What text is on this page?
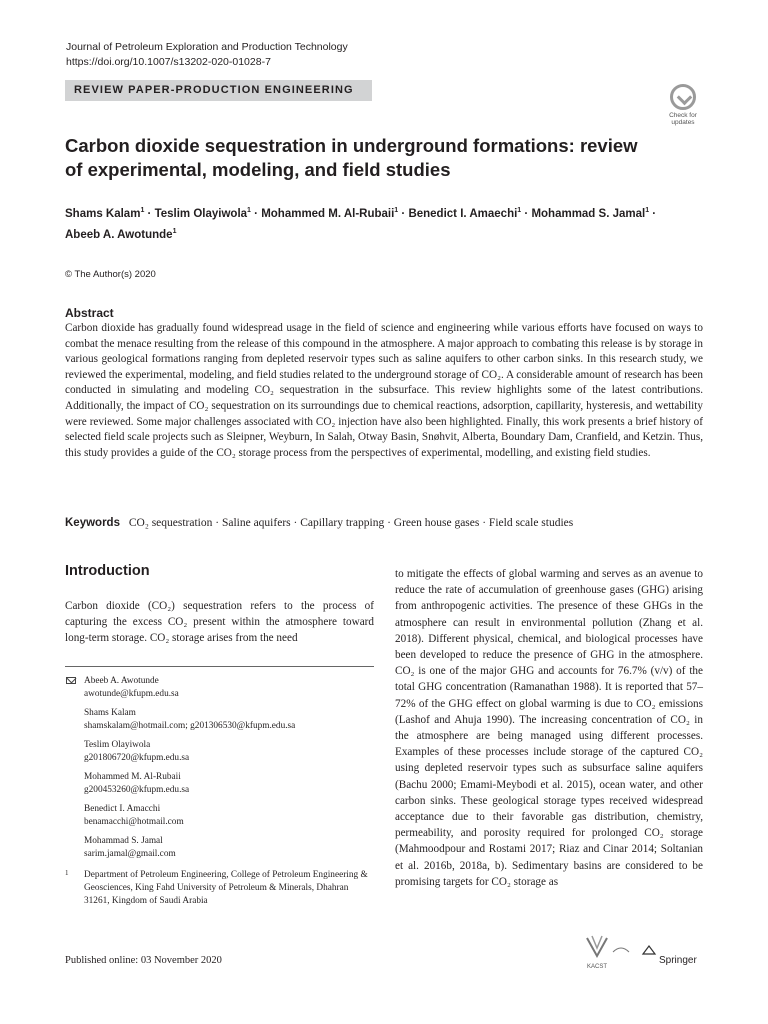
Journal of Petroleum Exploration and Production Technology
https://doi.org/10.1007/s13202-020-01028-7
REVIEW PAPER-PRODUCTION ENGINEERING
Check for
updates
Carbon dioxide sequestration in underground formations: review
of experimental, modeling, and field studies
Shams Kalam$^1$ · Teslim Olayiwola$^1$ · Mohammed M. Al-Rubaii$^1$ · Benedict I. Amaechi$^1$ · Mohammad S. Jamal$^1$ ·
Abeeb A. Awotunde$^1$
© The Author(s) 2020
Abstract
Carbon dioxide has gradually found widespread usage in the field of science and engineering while various efforts have focused on ways to combat the menace resulting from the release of this compound in the atmosphere. A major approach to combating this release is by storage in various geological formations ranging from depleted reservoir types such as saline aquifers to other carbon sinks. In this research study, we reviewed the experimental, modeling, and field studies related to the underground storage of CO₂. A considerable amount of research has been conducted in simulating and modeling CO₂ sequestration in the subsurface. This review highlights some of the latest contributions. Additionally, the impact of CO₂ sequestration on its surroundings due to chemical reactions, adsorption, capillarity, hysteresis, and wettability were reviewed. Some major challenges associated with CO₂ injection have also been highlighted. Finally, this work presents a brief history of selected field scale projects such as Sleipner, Weyburn, In Salah, Otway Basin, Snøhvit, Alberta, Boundary Dam, Cranfield, and Ketzin. Thus, this study provides a guide of the CO₂ storage process from the perspectives of experimental, modelling, and existing field studies.
Keywords CO₂ sequestration · Saline aquifers · Capillary trapping · Green house gases · Field scale studies
Introduction
Carbon dioxide (CO₂) sequestration refers to the process of capturing the excess CO₂ present within the atmosphere toward long-term storage. CO₂ storage arises from the need
Abeeb A. Awotunde
awotunde@kfupm.edu.sa
Shams Kalam
shamskalam@hotmail.com; g201306530@kfupm.edu.sa
Teslim Olayiwola
g201806720@kfupm.edu.sa
Mohammed M. Al-Rubaii
g200453260@kfupm.edu.sa
Benedict I. Amacchi
benamacchi@hotmail.com
Mohammad S. Jamal
sarim.jamal@gmail.com
1 Department of Petroleum Engineering, College of Petroleum Engineering & Geosciences, King Fahd University of Petroleum & Minerals, Dhahran 31261, Kingdom of Saudi Arabia
to mitigate the effects of global warming and serves as an avenue to reduce the rate of accumulation of greenhouse gases (GHG) arising from anthropogenic activities. The presence of these GHGs in the atmosphere can result in environmental pollution (Zhang et al. 2018). Different physical, chemical, and biological processes have been developed to reduce the presence of GHG in the atmosphere. CO₂ is one of the major GHG and accounts for 76.7% (v/v) of the total GHG concentration (Ramanathan 1988). It is reported that 57–72% of the GHG effect on global warming is due to CO₂ emissions (Lashof and Ahuja 1990). The increasing concentration of CO₂ in the atmosphere are being managed using different processes. Examples of these processes include storage of the captured CO₂ using depleted reservoir types such as subsurface saline aquifers (Bachu 2000; Emami-Meybodi et al. 2015), ocean water, and other carbon sinks. These geological storage types received widespread acceptance due to their favorable gas distribution, chemistry, permeability, and porosity required for prolonged CO₂ storage (Mahmoodpour and Rostami 2017; Riaz and Cinar 2014; Soltanian et al. 2016b, 2018a, b). Sedimentary basins are considered to be promising targets for CO₂ storage as
Published online: 03 November 2020
KACST
Springer
